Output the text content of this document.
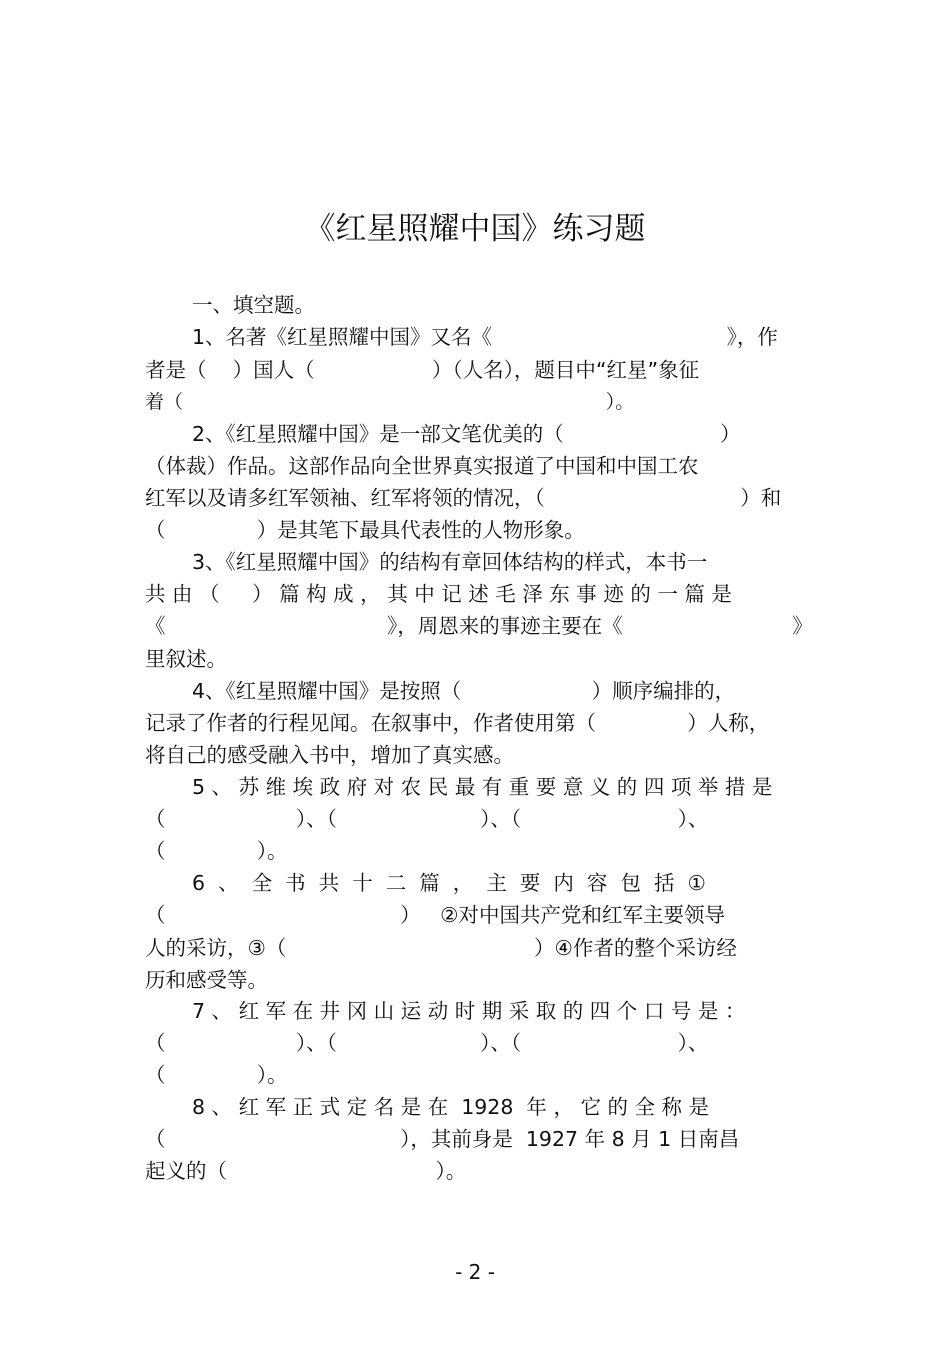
《红星照耀中国》练习题
一、填空题。
1、名著《红星照耀中国》又名《                                    》，作
者是（    ）国人（                  ）（人名），题目中“红星”象征
着（                                                                      ）。
2、《红星照耀中国》是一部文笔优美的（                        ）
（体裁）作品。这部作品向全世界真实报道了中国和中国工农
红军以及请多红军领袖、红军将领的情况，（                              ）和
（              ）是其笔下最具代表性的人物形象。
3、《红星照耀中国》的结构有章回体结构的样式，本书一
共 由 （     ） 篇 构 成 ， 其 中 记 述 毛 泽 东 事 迹 的 一 篇 是
《                                  》，周恩来的事迹主要在《                          》
里叙述。
4、《红星照耀中国》是按照（                    ）顺序编排的，
记录了作者的行程见闻。在叙事中，作者使用第（              ）人称，
将自己的感受融入书中，增加了真实感。
5 、 苏 维 埃 政 府 对 农 民 最 有 重 要 意 义 的 四 项 举 措 是
（                    ）、（                      ）、（                        ）、
（              ）。
6  、  全  书  共  十  二  篇  ，  主  要  内  容  包  括  ①
（                                    ）   ②对中国共产党和红军主要领导
人的采访，③（                                      ）④作者的整个采访经
历和感受等。
7 、 红 军 在 井 冈 山 运 动 时 期 采 取 的 四 个 口 号 是 ：
（                    ）、（                      ）、（                        ）、
（              ）。
8 、 红 军 正 式 定 名 是 在  1928  年 ， 它 的 全 称 是
（                                    ），其前身是  1927 年 8 月 1 日南昌
起义的（                                ）。
- 2 -
